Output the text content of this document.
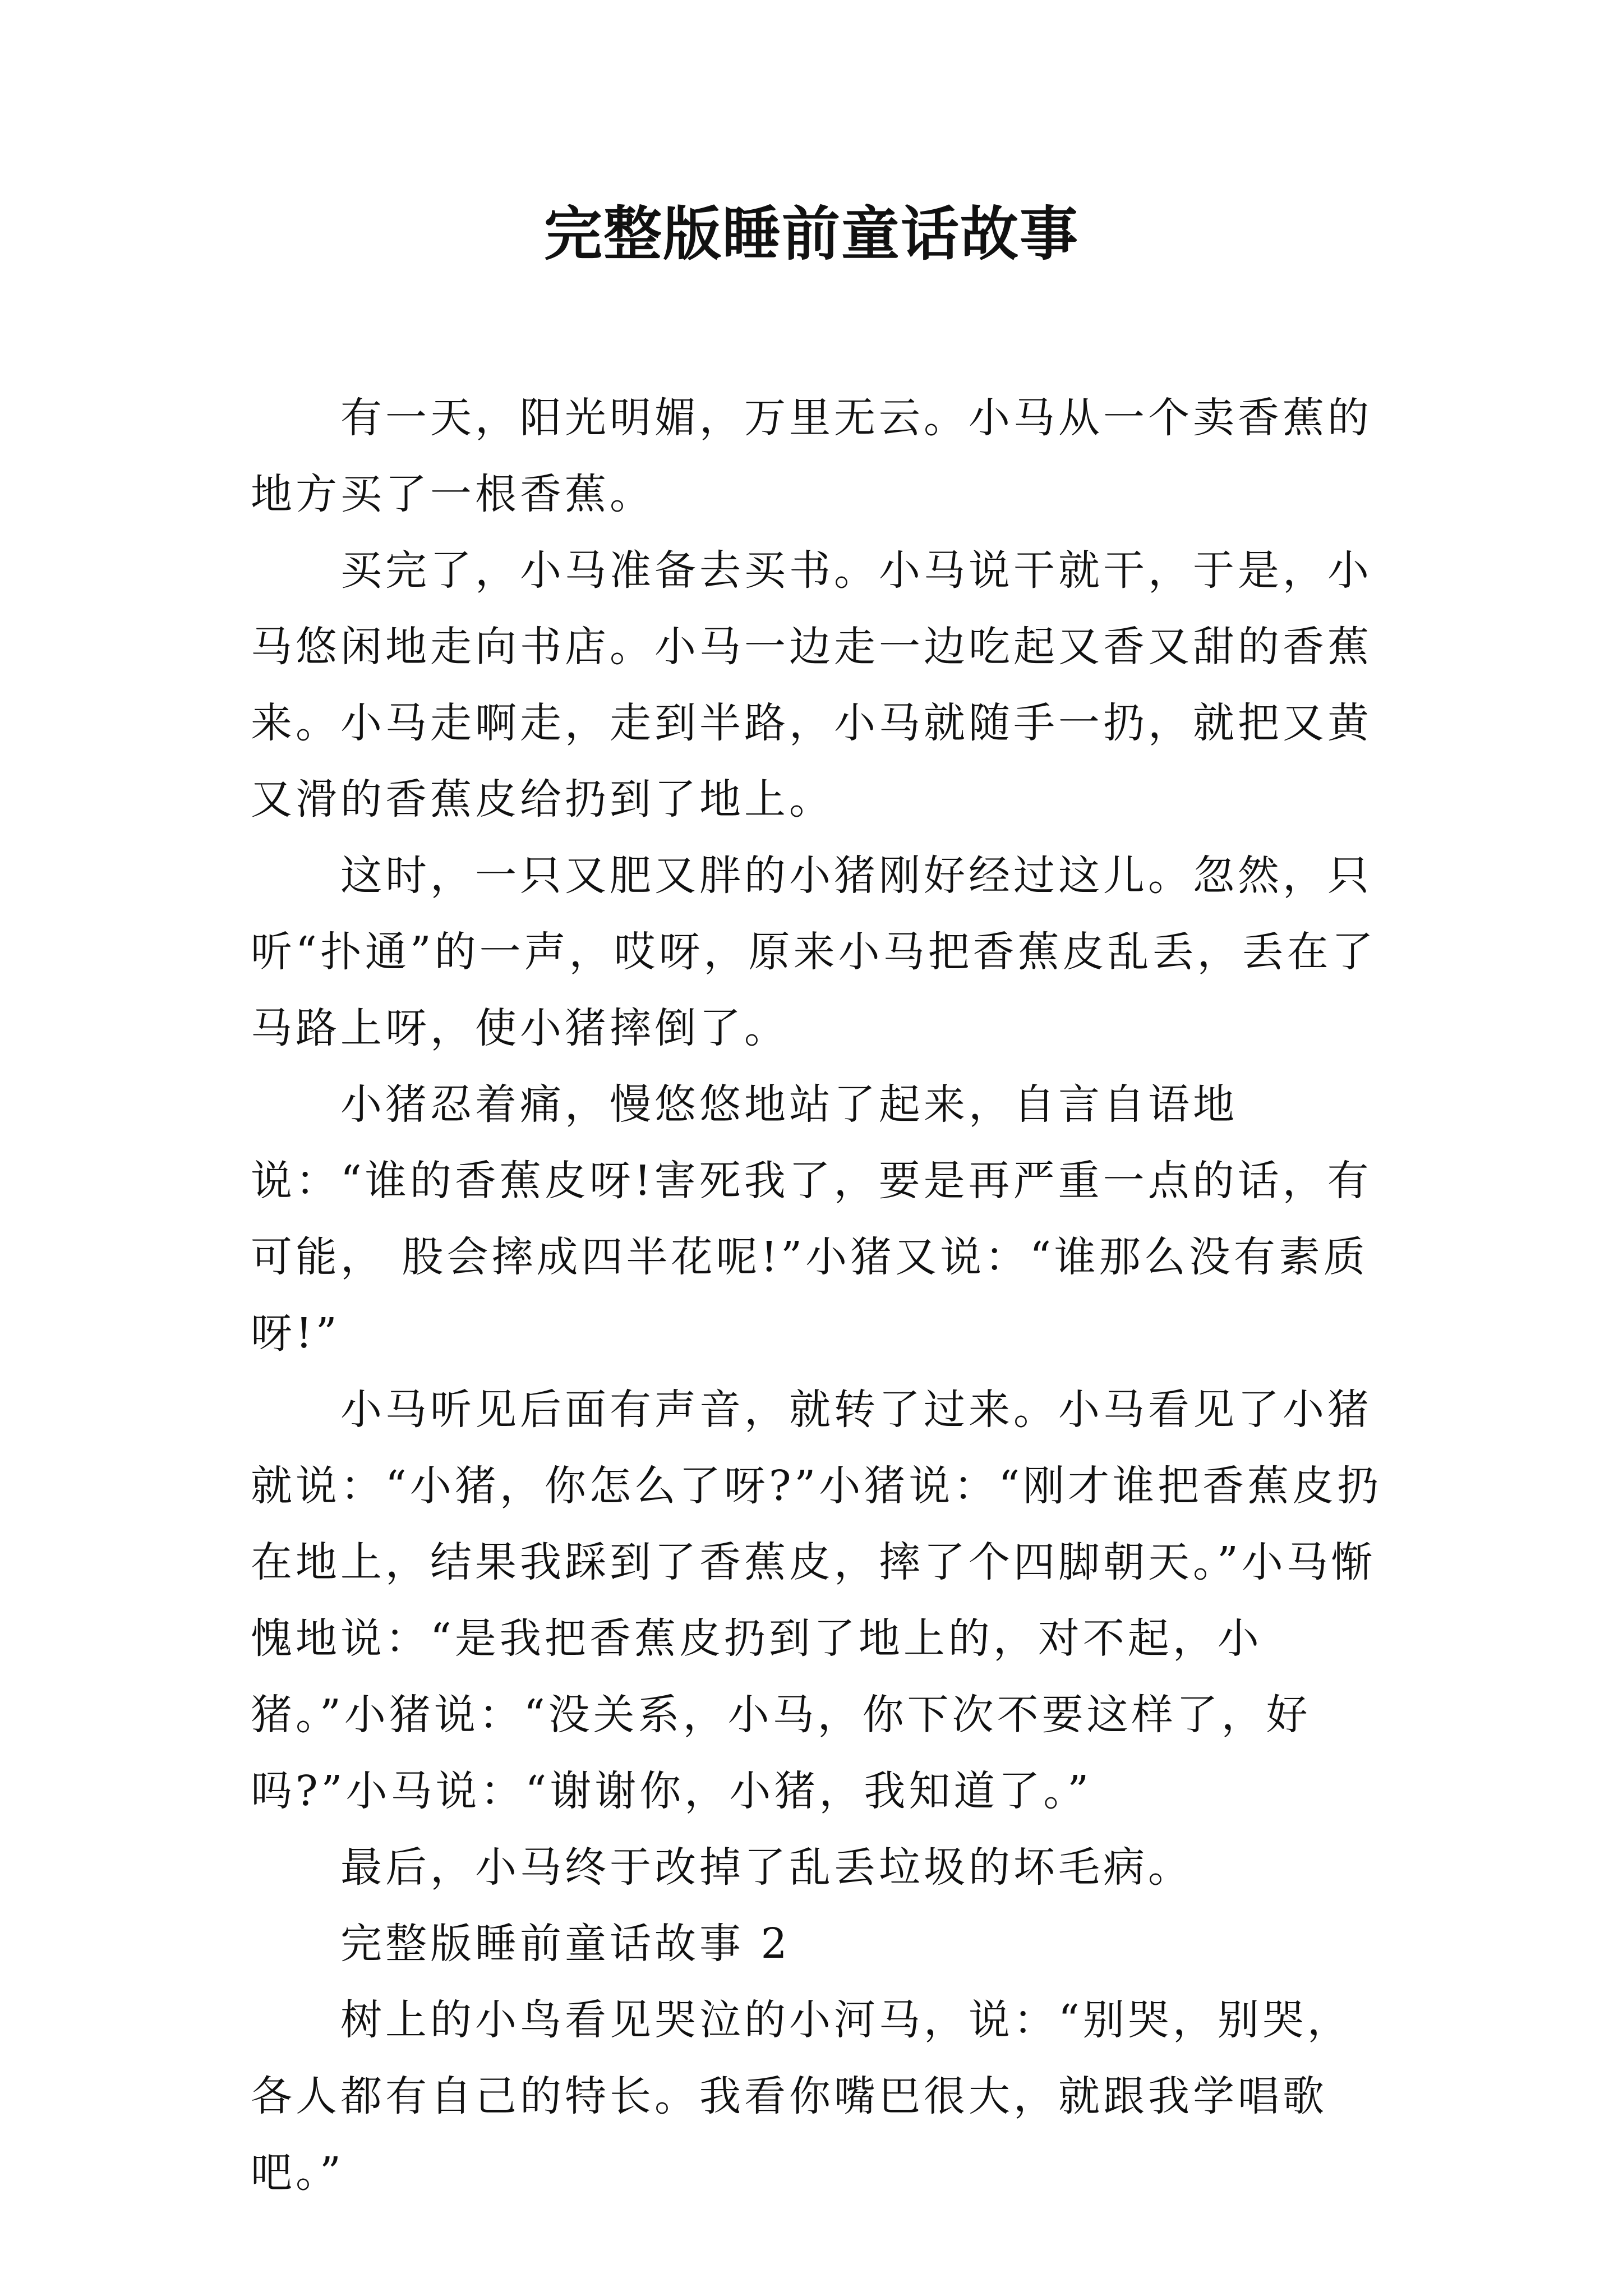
完整版睡前童话故事

有一天，阳光明媚，万里无云。小马从一个卖香蕉的地方买了一根香蕉。

买完了，小马准备去买书。小马说干就干，于是，小马悠闲地走向书店。小马一边走一边吃起又香又甜的香蕉来。小马走啊走，走到半路，小马就随手一扔，就把又黄又滑的香蕉皮给扔到了地上。

这时，一只又肥又胖的小猪刚好经过这儿。忽然，只听“扑通”的一声，哎呀，原来小马把香蕉皮乱丢，丢在了马路上呀，使小猪摔倒了。

小猪忍着痛，慢悠悠地站了起来，自言自语地说：“谁的香蕉皮呀!害死我了，要是再严重一点的话，有可能， 股会摔成四半花呢!”小猪又说：“谁那么没有素质呀!”

小马听见后面有声音，就转了过来。小马看见了小猪就说：“小猪，你怎么了呀?”小猪说：“刚才谁把香蕉皮扔在地上，结果我踩到了香蕉皮，摔了个四脚朝天。”小马惭愧地说：“是我把香蕉皮扔到了地上的，对不起，小猪。”小猪说：“没关系，小马，你下次不要这样了，好吗?”小马说：“谢谢你，小猪，我知道了。”

最后，小马终于改掉了乱丢垃圾的坏毛病。

完整版睡前童话故事 2

树上的小鸟看见哭泣的小河马，说：“别哭，别哭，各人都有自己的特长。我看你嘴巴很大，就跟我学唱歌吧。”
